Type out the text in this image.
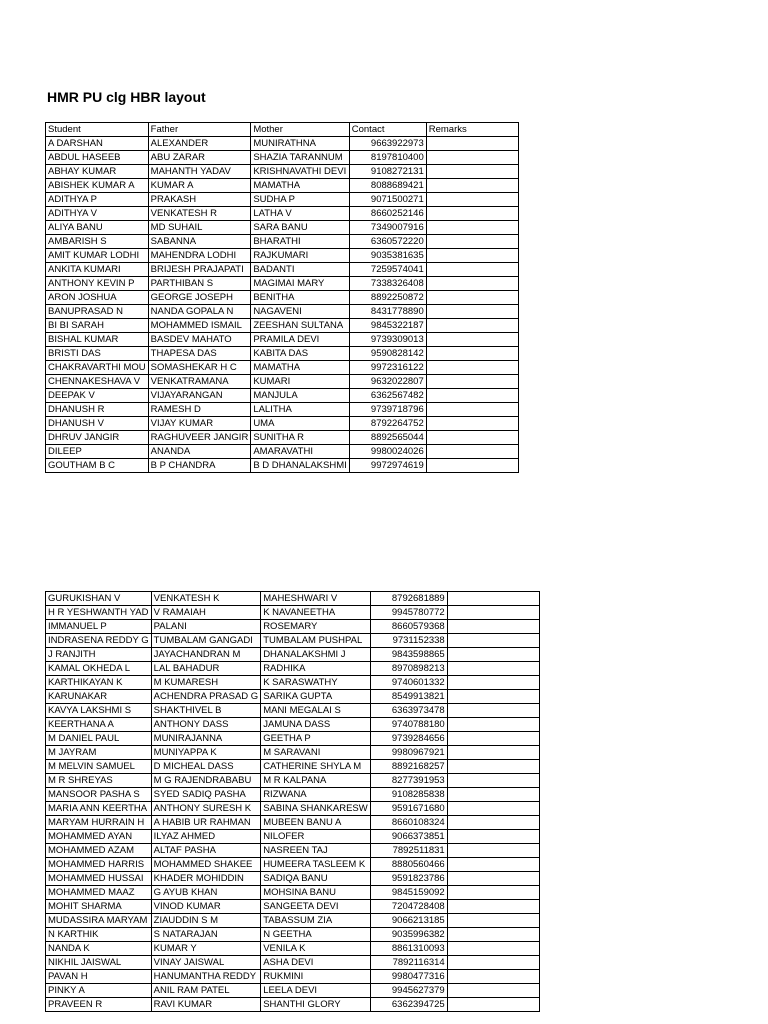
HMR PU clg HBR layout
Student	Father	Mother	Contact	Remarks
A DARSHAN	ALEXANDER	MUNIRATHNA	9663922973	
ABDUL HASEEB	ABU ZARAR	SHAZIA TARANNUM	8197810400	
ABHAY KUMAR	MAHANTH YADAV	KRISHNAVATHI DEVI	9108272131	
ABISHEK KUMAR A	KUMAR A	MAMATHA	8088689421	
ADITHYA P	PRAKASH	SUDHA P	9071500271	
ADITHYA V	VENKATESH R	LATHA V	8660252146	
ALIYA BANU	MD SUHAIL	SARA BANU	7349007916	
AMBARISH S	SABANNA	BHARATHI	6360572220	
AMIT KUMAR LODHI	MAHENDRA LODHI	RAJKUMARI	9035381635	
ANKITA KUMARI	BRIJESH PRAJAPATI	BADANTI	7259574041	
ANTHONY KEVIN P	PARTHIBAN S	MAGIMAI MARY	7338326408	
ARON JOSHUA	GEORGE JOSEPH	BENITHA	8892250872	
BANUPRASAD N	NANDA GOPALA N	NAGAVENI	8431778890	
BI BI SARAH	MOHAMMED ISMAIL	ZEESHAN SULTANA	9845322187	
BISHAL KUMAR	BASDEV MAHATO	PRAMILA DEVI	9739309013	
BRISTI DAS	THAPESA DAS	KABITA DAS	9590828142	
CHAKRAVARTHI MOU	SOMASHEKAR H C	MAMATHA	9972316122	
CHENNAKESHAVA V	VENKATRAMANA	KUMARI	9632022807	
DEEPAK V	VIJAYARANGAN	MANJULA	6362567482	
DHANUSH R	RAMESH D	LALITHA	9739718796	
DHANUSH V	VIJAY KUMAR	UMA	8792264752	
DHRUV JANGIR	RAGHUVEER JANGIR	SUNITHA R	8892565044	
DILEEP	ANANDA	AMARAVATHI	9980024026	
GOUTHAM B C	B P CHANDRA	B D DHANALAKSHMI	9972974619	
GURUKISHAN V	VENKATESH K	MAHESHWARI V	8792681889	
H R YESHWANTH YAD	V RAMAIAH	K NAVANEETHA	9945780772	
IMMANUEL P	PALANI	ROSEMARY	8660579368	
INDRASENA REDDY G	TUMBALAM GANGADI	TUMBALAM PUSHPAL	9731152338	
J RANJITH	JAYACHANDRAN M	DHANALAKSHMI J	9843598865	
KAMAL OKHEDA L	LAL BAHADUR	RADHIKA	8970898213	
KARTHIKAYAN K	M KUMARESH	K SARASWATHY	9740601332	
KARUNAKAR	ACHENDRA PRASAD G	SARIKA GUPTA	8549913821	
KAVYA LAKSHMI S	SHAKTHIVEL B	MANI MEGALAI S	6363973478	
KEERTHANA A	ANTHONY DASS	JAMUNA DASS	9740788180	
M DANIEL PAUL	MUNIRAJANNA	GEETHA P	9739284656	
M JAYRAM	MUNIYAPPA K	M SARAVANI	9980967921	
M MELVIN SAMUEL	D MICHEAL DASS	CATHERINE SHYLA M	8892168257	
M R SHREYAS	M G RAJENDRABABU	M R KALPANA	8277391953	
MANSOOR PASHA S	SYED SADIQ PASHA	RIZWANA	9108285838	
MARIA ANN KEERTHA	ANTHONY SURESH K	SABINA SHANKARESW	9591671680	
MARYAM HURRAIN H	A HABIB UR RAHMAN	MUBEEN BANU A	8660108324	
MOHAMMED AYAN	ILYAZ AHMED	NILOFER	9066373851	
MOHAMMED AZAM	ALTAF PASHA	NASREEN TAJ	7892511831	
MOHAMMED HARRIS	MOHAMMED SHAKEE	HUMEERA TASLEEM K	8880560466	
MOHAMMED HUSSAI	KHADER MOHIDDIN	SADIQA BANU	9591823786	
MOHAMMED MAAZ	G AYUB KHAN	MOHSINA BANU	9845159092	
MOHIT SHARMA	VINOD KUMAR	SANGEETA DEVI	7204728408	
MUDASSIRA MARYAM	ZIAUDDIN S M	TABASSUM ZIA	9066213185	
N KARTHIK	S NATARAJAN	N GEETHA	9035996382	
NANDA K	KUMAR Y	VENILA K	8861310093	
NIKHIL JAISWAL	VINAY JAISWAL	ASHA DEVI	7892116314	
PAVAN H	HANUMANTHA REDDY	RUKMINI	9980477316	
PINKY A	ANIL RAM PATEL	LEELA DEVI	9945627379	
PRAVEEN R	RAVI KUMAR	SHANTHI GLORY	6362394725	
